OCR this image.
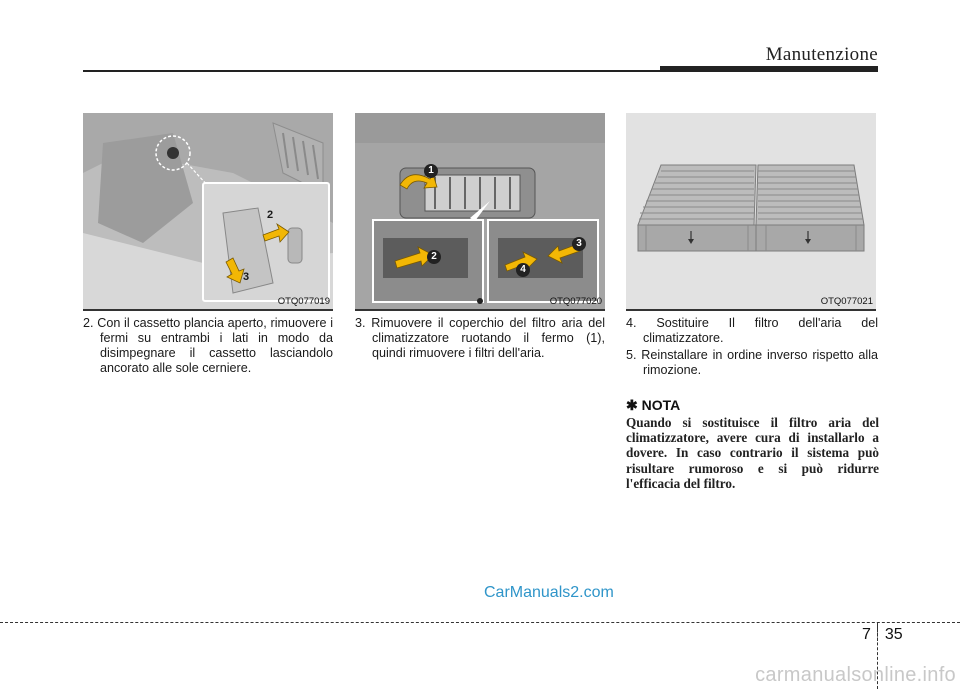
Manutenzione
2
3
OTQ077019
1
2
3
4
OTQ077020	OTQ077021
2. Con il cassetto plancia aperto, rimuovere i fermi su entrambi i lati in modo da disimpegnare il cassetto lasciandolo ancorato alle sole cerniere.
3. Rimuovere il coperchio del filtro aria del climatizzatore ruotando il fermo (1), quindi rimuovere i filtri dell'aria.
4. Sostituire Il filtro dell'aria del climatizzatore.
5. Reinstallare in ordine inverso rispetto alla rimozione.
✱ NOTA
Quando si sostituisce il filtro aria del climatizzatore, avere cura di installarlo a dovere. In caso contrario il sistema può risultare rumoroso e si può ridurre l'efficacia del filtro.
CarManuals2.com
7 35
carmanualsonline.info
